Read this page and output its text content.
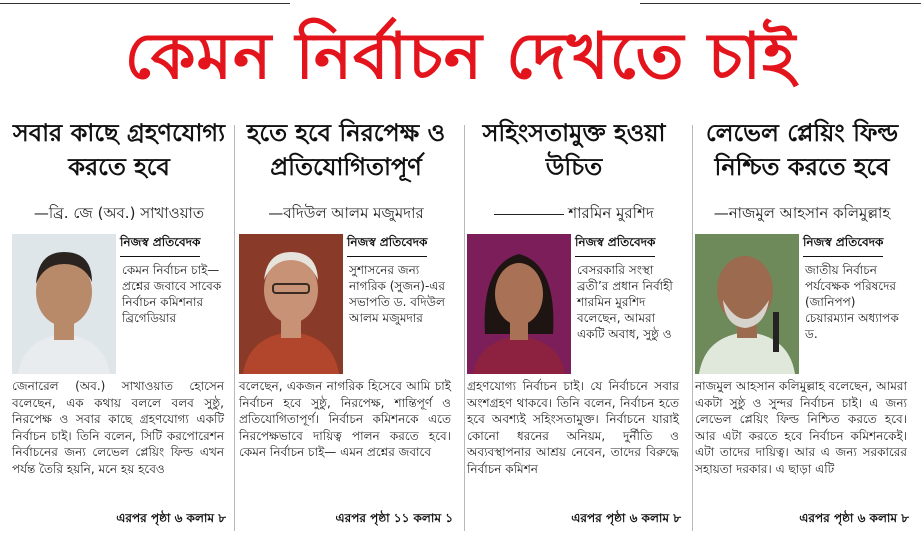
কেমন নির্বাচন দেখতে চাই
সবার কাছে গ্রহণযোগ্য করতে হবে
—ব্রি. জে (অব.) সাখাওয়াত
নিজস্ব প্রতিবেদক
কেমন নির্বাচন চাই— প্রশ্নের জবাবে সাবেক নির্বাচন কমিশনার ব্রিগেডিয়ার
জেনারেল (অব.) সাখাওয়াত হোসেন বলেছেন, এক কথায় বললে বলব সুষ্ঠু, নিরপেক্ষ ও সবার কাছে গ্রহণযোগ্য একটি নির্বাচন চাই। তিনি বলেন, সিটি করপোরেশন নির্বাচনের জন্য লেভেল প্লেয়িং ফিল্ড এখন পর্যন্ত তৈরি হয়নি, মনে হয় হবেও
এরপর পৃষ্ঠা ৬ কলাম ৮
হতে হবে নিরপেক্ষ ও প্রতিযোগিতাপূর্ণ
—বদিউল আলম মজুমদার
নিজস্ব প্রতিবেদক
সুশাসনের জন্য নাগরিক (সুজন)-এর সভাপতি ড. বদিউল আলম মজুমদার
বলেছেন, একজন নাগরিক হিসেবে আমি চাই নির্বাচন হবে সুষ্ঠু, নিরপেক্ষ, শান্তিপূর্ণ ও প্রতিযোগিতাপূর্ণ। নির্বাচন কমিশনকে এতে নিরপেক্ষভাবে দায়িত্ব পালন করতে হবে। কেমন নির্বাচন চাই— এমন প্রশ্নের জবাবে
এরপর পৃষ্ঠা ১১ কলাম ১
সহিংসতামুক্ত হওয়া উচিত
শারমিন মুরশিদ
নিজস্ব প্রতিবেদক
বেসরকারি সংস্থা ব্রতী’র প্রধান নির্বাহী শারমিন মুরশিদ বলেছেন, আমরা একটি অবাধ, সুষ্ঠু ও
গ্রহণযোগ্য নির্বাচন চাই। যে নির্বাচনে সবার অংশগ্রহণ থাকবে। তিনি বলেন, নির্বাচন হতে হবে অবশ্যই সহিংসতামুক্ত। নির্বাচনে যারাই কোনো ধরনের অনিয়ম, দুর্নীতি ও অব্যবস্থাপনার আশ্রয় নেবেন, তাদের বিরুদ্ধে নির্বাচন কমিশন
এরপর পৃষ্ঠা ৬ কলাম ৮
লেভেল প্লেয়িং ফিল্ড নিশ্চিত করতে হবে
—নাজমুল আহসান কলিমুল্লাহ
নিজস্ব প্রতিবেদক
জাতীয় নির্বাচন পর্যবেক্ষক পরিষদের (জানিপপ) চেয়ারম্যান অধ্যাপক ড.
নাজমুল আহসান কলিমুল্লাহ বলেছেন, আমরা একটা সুষ্ঠু ও সুন্দর নির্বাচন চাই। এ জন্য লেভেল প্লেয়িং ফিল্ড নিশ্চিত করতে হবে। আর এটা করতে হবে নির্বাচন কমিশনকেই। এটা তাদের দায়িত্ব। আর এ জন্য সরকারের সহায়তা দরকার। এ ছাড়া এটি
এরপর পৃষ্ঠা ৬ কলাম ৮
